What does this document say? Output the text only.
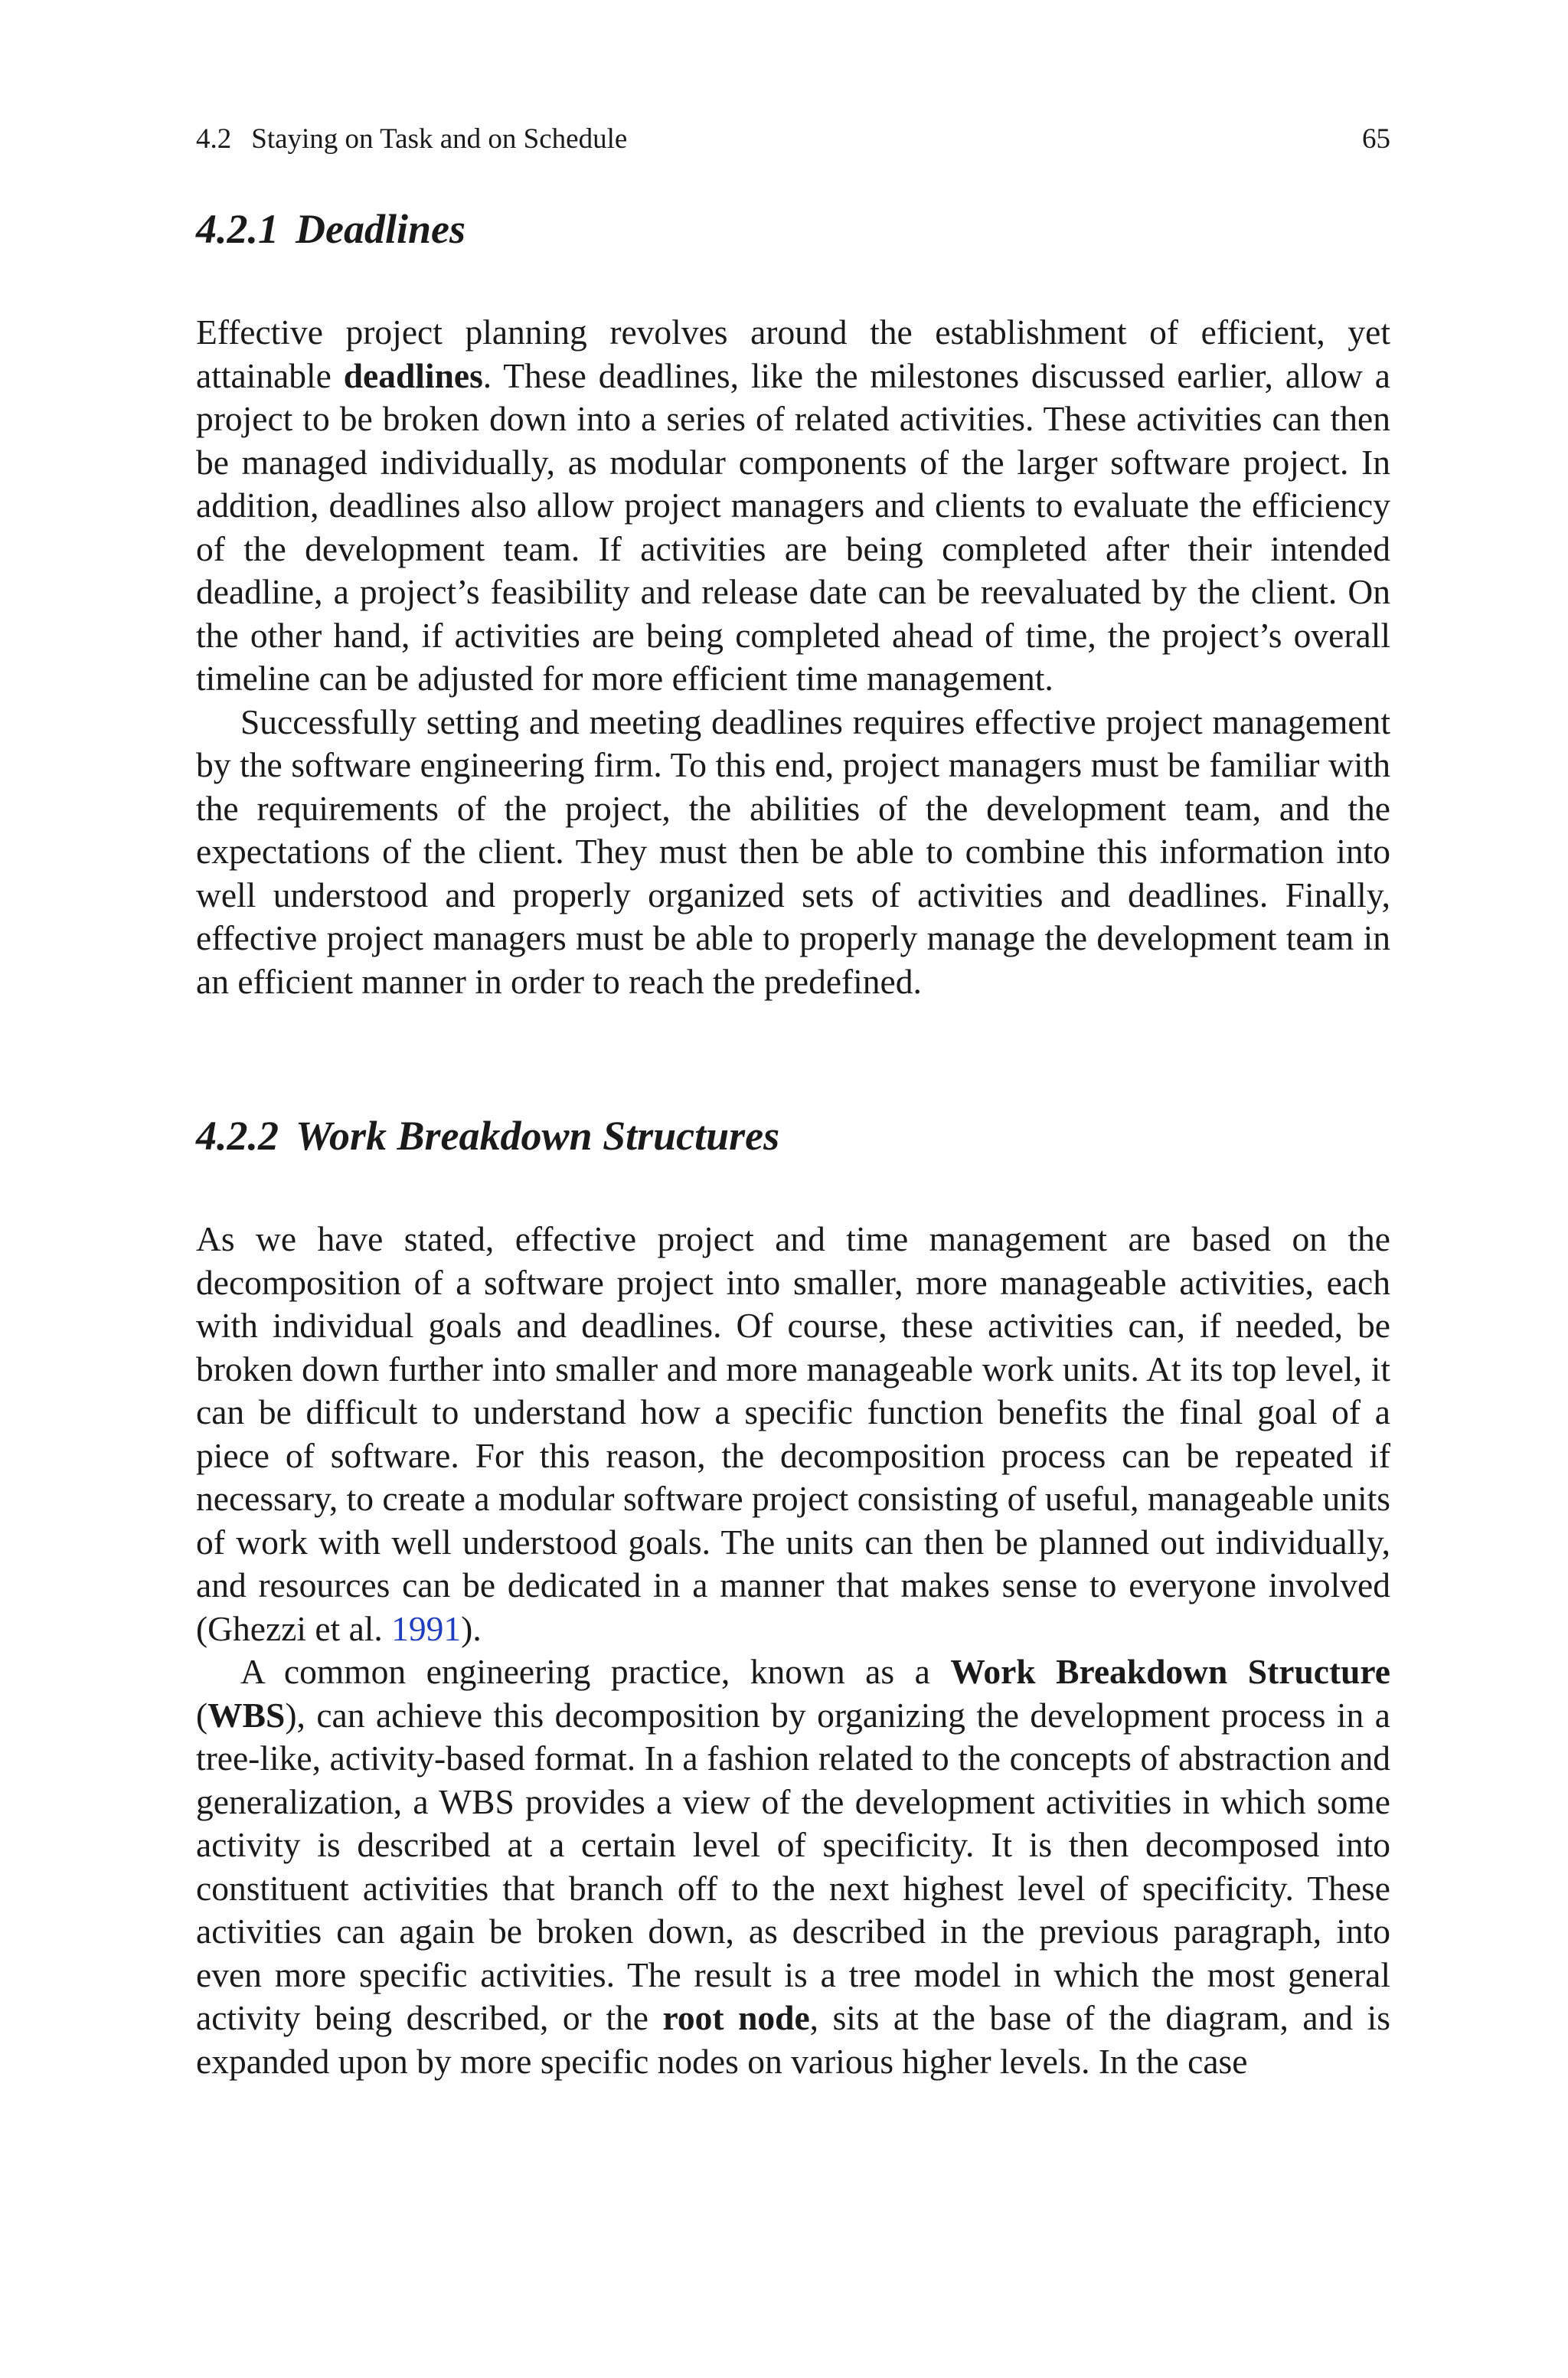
4.2 Staying on Task and on Schedule	65
4.2.1 Deadlines

Effective project planning revolves around the establishment of efficient, yet attainable deadlines. These deadlines, like the milestones discussed earlier, allow a project to be broken down into a series of related activities. These activities can then be managed individually, as modular components of the larger software project. In addition, deadlines also allow project managers and clients to evaluate the efficiency of the development team. If activities are being completed after their intended deadline, a project’s feasibility and release date can be reevaluated by the client. On the other hand, if activities are being completed ahead of time, the project’s overall timeline can be adjusted for more efficient time management.

Successfully setting and meeting deadlines requires effective project management by the software engineering firm. To this end, project managers must be familiar with the requirements of the project, the abilities of the development team, and the expectations of the client. They must then be able to combine this information into well understood and properly organized sets of activities and deadlines. Finally, effective project managers must be able to properly manage the development team in an efficient manner in order to reach the predefined.

4.2.2 Work Breakdown Structures

As we have stated, effective project and time management are based on the decomposition of a software project into smaller, more manageable activities, each with individual goals and deadlines. Of course, these activities can, if needed, be broken down further into smaller and more manageable work units. At its top level, it can be difficult to understand how a specific function benefits the final goal of a piece of software. For this reason, the decomposition process can be repeated if necessary, to create a modular software project consisting of useful, manageable units of work with well understood goals. The units can then be planned out individually, and resources can be dedicated in a manner that makes sense to everyone involved (Ghezzi et al. 1991).

A common engineering practice, known as a Work Breakdown Structure (WBS), can achieve this decomposition by organizing the development process in a tree-like, activity-based format. In a fashion related to the concepts of abstraction and generalization, a WBS provides a view of the development activities in which some activity is described at a certain level of specificity. It is then decomposed into constituent activities that branch off to the next highest level of specificity. These activities can again be broken down, as described in the previous paragraph, into even more specific activities. The result is a tree model in which the most general activity being described, or the root node, sits at the base of the diagram, and is expanded upon by more specific nodes on various higher levels. In the case
